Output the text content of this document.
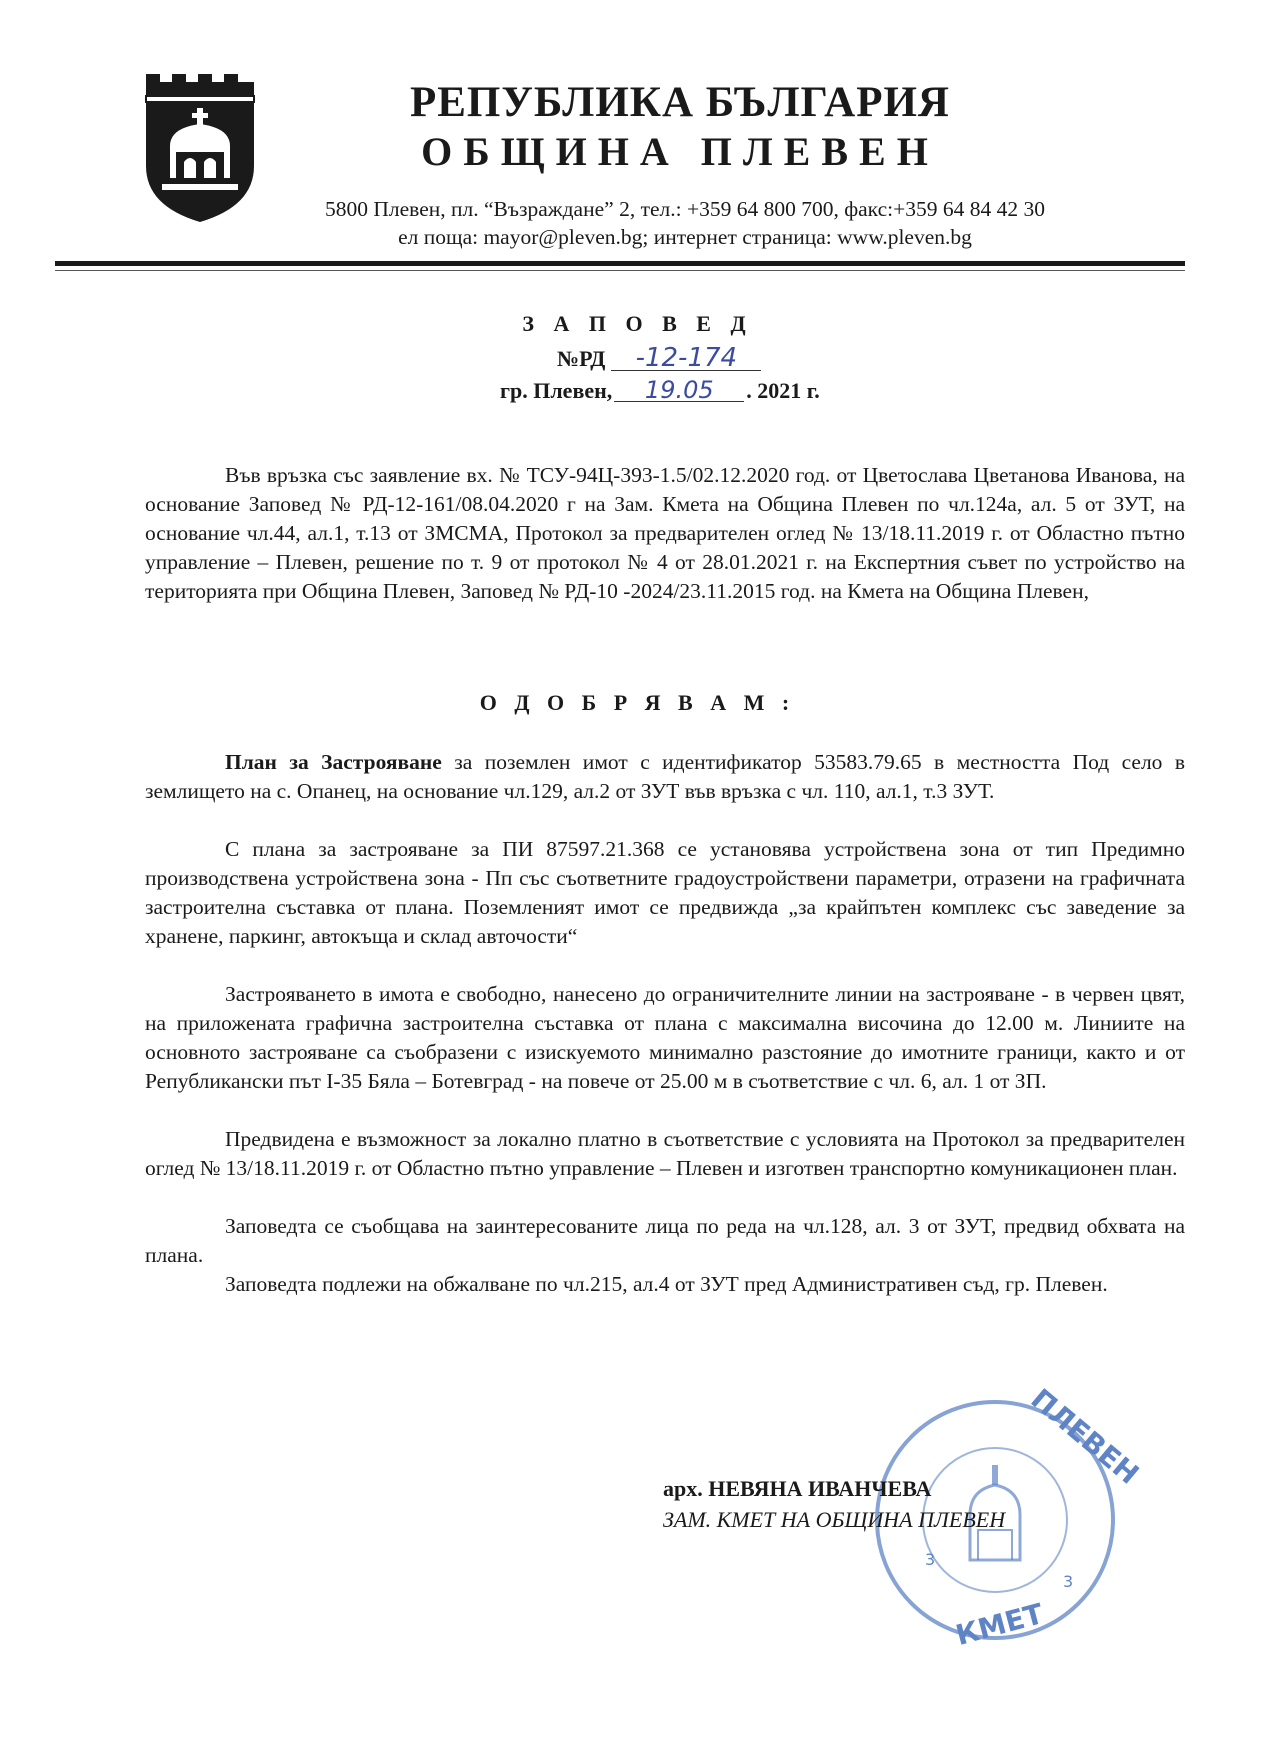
РЕПУБЛИКА БЪЛГАРИЯ
ОБЩИНА ПЛЕВЕН
5800 Плевен, пл. “Възраждане” 2, тел.: +359 64 800 700, факс:+359 64 84 42 30
ел поща: mayor@pleven.bg; интернет страница: www.pleven.bg
З А П О В Е Д
№РД -12-174
гр. Плевен, 19.05 . 2021 г.

Във връзка със заявление вх. № ТСУ-94Ц-393-1.5/02.12.2020 год. от Цветослава Цветанова Иванова, на основание Заповед № РД-12-161/08.04.2020 г на Зам. Кмета на Община Плевен по чл.124а, ал. 5 от ЗУТ, на основание чл.44, ал.1, т.13 от ЗМСМА, Протокол за предварителен оглед № 13/18.11.2019 г. от Областно пътно управление – Плевен, решение по т. 9 от протокол № 4 от 28.01.2021 г. на Експертния съвет по устройство на територията при Община Плевен, Заповед № РД-10 -2024/23.11.2015 год. на Кмета на Община Плевен,

О Д О Б Р Я В А М :

План за Застрояване за поземлен имот с идентификатор 53583.79.65 в местността Под село в землището на с. Опанец, на основание чл.129, ал.2 от ЗУТ във връзка с чл. 110, ал.1, т.3 ЗУТ.

С плана за застрояване за ПИ 87597.21.368 се установява устройствена зона от тип Предимно производствена устройствена зона - Пп със съответните градоустройствени параметри, отразени на графичната застроителна съставка от плана. Поземленият имот се предвижда „за крайпътен комплекс със заведение за хранене, паркинг, автокъща и склад авточости“

Застрояването в имота е свободно, нанесено до ограничителните линии на застрояване - в червен цвят, на приложената графична застроителна съставка от плана с максимална височина до 12.00 м. Линиите на основното застрояване са съобразени с изискуемото минимално разстояние до имотните граници, както и от Републикански път I-35 Бяла – Ботевград - на повече от 25.00 м в съответствие с чл. 6, ал. 1 от ЗП.

Предвидена е възможност за локално платно в съответствие с условията на Протокол за предварителен оглед № 13/18.11.2019 г. от Областно пътно управление – Плевен и изготвен транспортно комуникационен план.

Заповедта се съобщава на заинтересованите лица по реда на чл.128, ал. 3 от ЗУТ, предвид обхвата на плана.

Заповедта подлежи на обжалване по чл.215, ал.4 от ЗУТ пред Административен съд, гр. Плевен.

ПЛЕВЕН
КМЕТ
3
3
арх. НЕВЯНА ИВАНЧЕВА
ЗАМ. КМЕТ НА ОБЩИНА ПЛЕВЕН
